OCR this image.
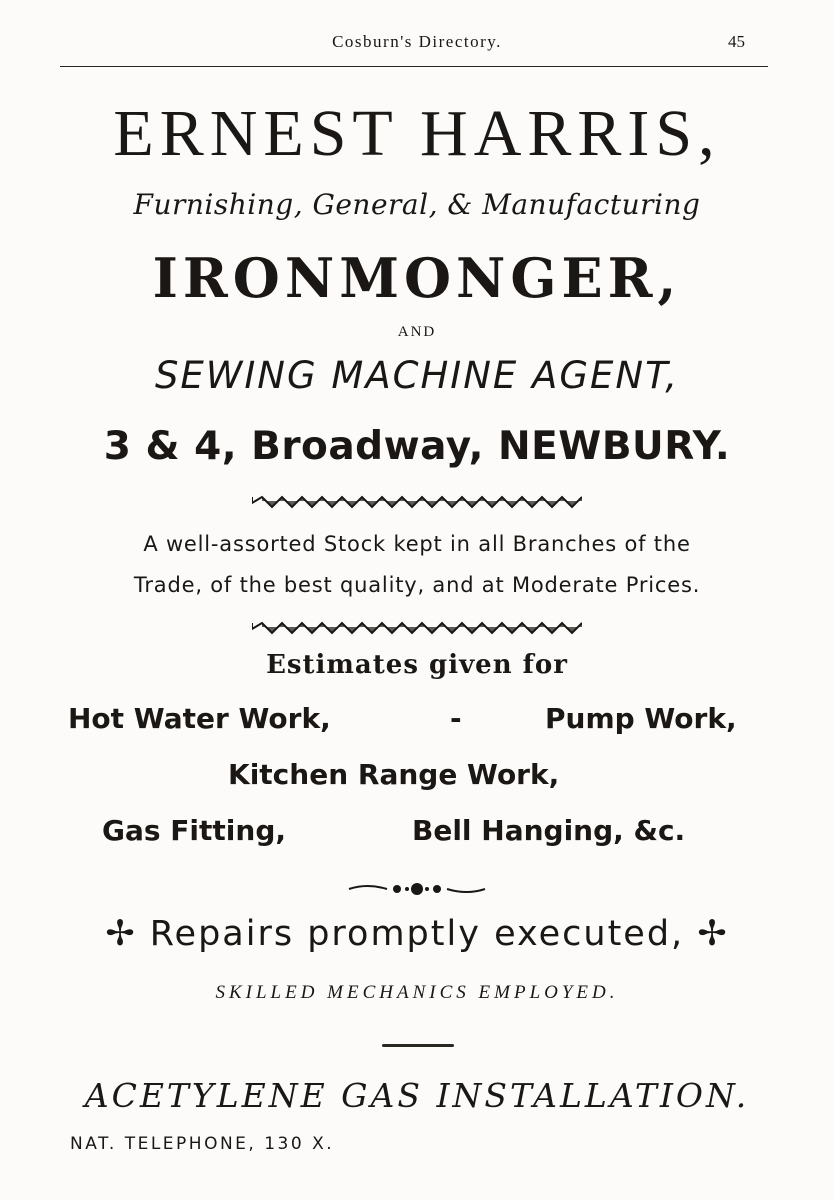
Cosburn's Directory.	45
ERNEST HARRIS,
Furnishing, General, & Manufacturing
IRONMONGER,
AND
SEWING MACHINE AGENT,
3 & 4, Broadway, NEWBURY.
A well-assorted Stock kept in all Branches of the
Trade, of the best quality, and at Moderate Prices.
Estimates given for
Hot Water Work,	-	Pump Work,
Kitchen Range Work,
Gas Fitting,	Bell Hanging, &c.
✢ Repairs promptly executed, ✢
SKILLED MECHANICS EMPLOYED.
ACETYLENE GAS INSTALLATION.
NAT. TELEPHONE, 130 X.
